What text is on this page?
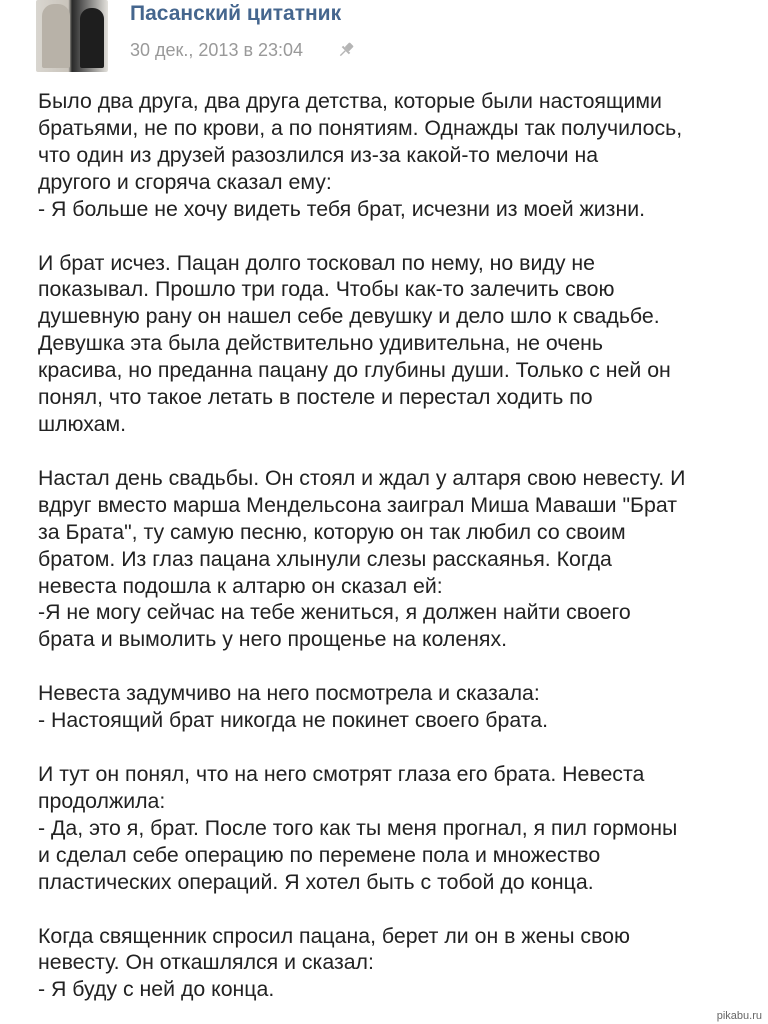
Пасанский цитатник
30 дек., 2013 в 23:04
Было два друга, два друга детства, которые были настоящими
братьями, не по крови, а по понятиям. Однажды так получилось,
что один из друзей разозлился из-за какой-то мелочи на
другого и сгоряча сказал ему:
- Я больше не хочу видеть тебя брат, исчезни из моей жизни.
И брат исчез. Пацан долго тосковал по нему, но виду не
показывал. Прошло три года. Чтобы как-то залечить свою
душевную рану он нашел себе девушку и дело шло к свадьбе.
Девушка эта была действительно удивительна, не очень
красива, но преданна пацану до глубины души. Только с ней он
понял, что такое летать в постеле и перестал ходить по
шлюхам.
Настал день свадьбы. Он стоял и ждал у алтаря свою невесту. И
вдруг вместо марша Мендельсона заиграл Миша Маваши "Брат
за Брата", ту самую песню, которую он так любил со своим
братом. Из глаз пацана хлынули слезы расскаянья. Когда
невеста подошла к алтарю он сказал ей:
-Я не могу сейчас на тебе жениться, я должен найти своего
брата и вымолить у него прощенье на коленях.
Невеста задумчиво на него посмотрела и сказала:
- Настоящий брат никогда не покинет своего брата.
И тут он понял, что на него смотрят глаза его брата. Невеста
продолжила:
- Да, это я, брат. После того как ты меня прогнал, я пил гормоны
и сделал себе операцию по перемене пола и множество
пластических операций. Я хотел быть с тобой до конца.
Когда священник спросил пацана, берет ли он в жены свою
невесту. Он откашлялся и сказал:
- Я буду с ней до конца.
pikabu.ru
